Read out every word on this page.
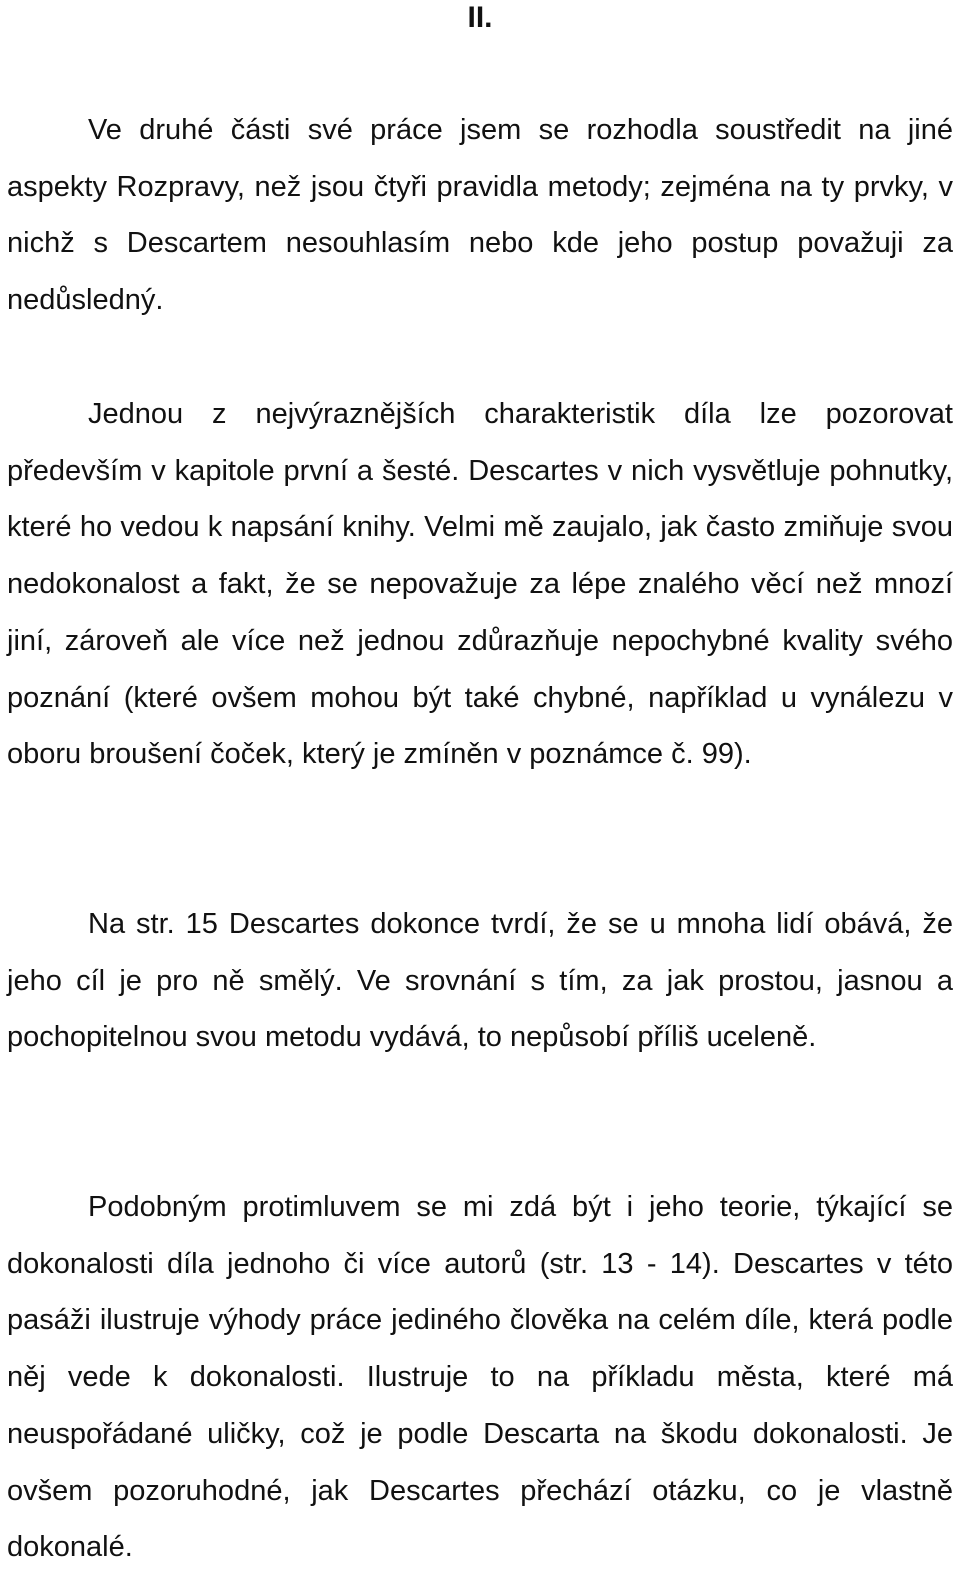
II.

Ve druhé části své práce jsem se rozhodla soustředit na jiné aspekty Rozpravy, než jsou čtyři pravidla metody; zejména na ty prvky, v nichž s Descartem nesouhlasím nebo kde jeho postup považuji za nedůsledný.

Jednou z nejvýraznějších charakteristik díla lze pozorovat především v kapitole první a šesté. Descartes v nich vysvětluje pohnutky, které ho vedou k napsání knihy. Velmi mě zaujalo, jak často zmiňuje svou nedokonalost a fakt, že se nepovažuje za lépe znalého věcí než mnozí jiní, zároveň ale více než jednou zdůrazňuje nepochybné kvality svého poznání (které ovšem mohou být také chybné, například u vynálezu v oboru broušení čoček, který je zmíněn v poznámce č. 99).

Na str. 15 Descartes dokonce tvrdí, že se u mnoha lidí obává, že jeho cíl je pro ně smělý. Ve srovnání s tím, za jak prostou, jasnou a pochopitelnou svou metodu vydává, to nepůsobí příliš uceleně.

Podobným protimluvem se mi zdá být i jeho teorie, týkající se dokonalosti díla jednoho či více autorů (str. 13 - 14). Descartes v této pasáži ilustruje výhody práce jediného člověka na celém díle, která podle něj vede k dokonalosti. Ilustruje to na příkladu města, které má neuspořádané uličky, což je podle Descarta na škodu dokonalosti. Je ovšem pozoruhodné, jak Descartes přechází otázku, co je vlastně dokonalé.
